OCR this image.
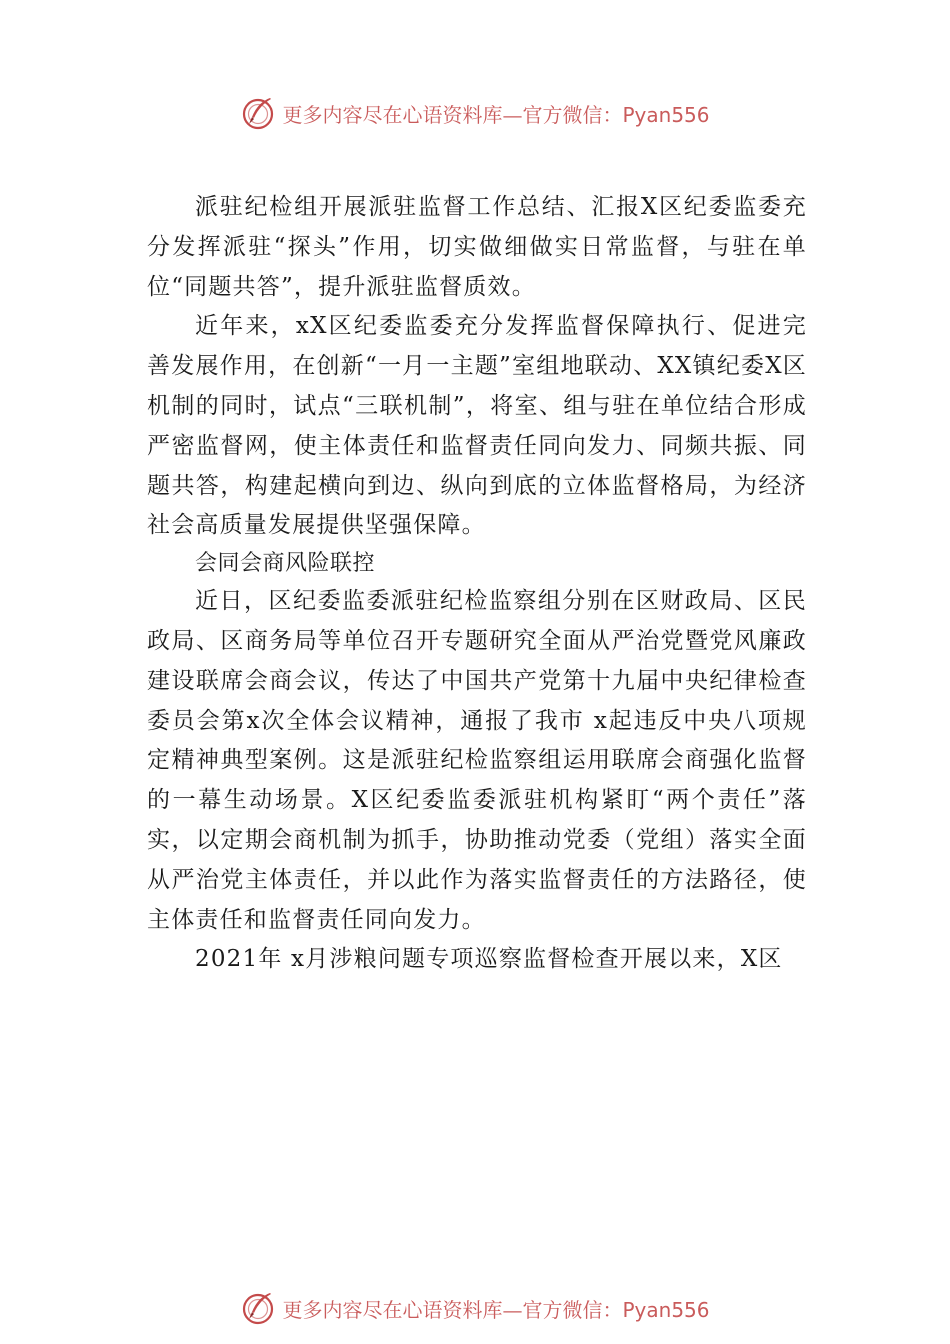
更多内容尽在心语资料库—官方微信：Pyan556

派驻纪检组开展派驻监督工作总结、汇报X区纪委监委充分发挥派驻“探头”作用，切实做细做实日常监督，与驻在单位“同题共答”，提升派驻监督质效。

近年来，xX区纪委监委充分发挥监督保障执行、促进完善发展作用，在创新“一月一主题”室组地联动、XX镇纪委X区机制的同时，试点“三联机制”，将室、组与驻在单位结合形成严密监督网，使主体责任和监督责任同向发力、同频共振、同题共答，构建起横向到边、纵向到底的立体监督格局，为经济社会高质量发展提供坚强保障。

会同会商风险联控

近日，区纪委监委派驻纪检监察组分别在区财政局、区民政局、区商务局等单位召开专题研究全面从严治党暨党风廉政建设联席会商会议，传达了中国共产党第十九届中央纪律检查委员会第x次全体会议精神，通报了我市 x起违反中央八项规定精神典型案例。这是派驻纪检监察组运用联席会商强化监督的一幕生动场景。X区纪委监委派驻机构紧盯“两个责任”落实，以定期会商机制为抓手，协助推动党委（党组）落实全面从严治党主体责任，并以此作为落实监督责任的方法路径，使主体责任和监督责任同向发力。

2021年 x月涉粮问题专项巡察监督检查开展以来，X区

更多内容尽在心语资料库—官方微信：Pyan556
